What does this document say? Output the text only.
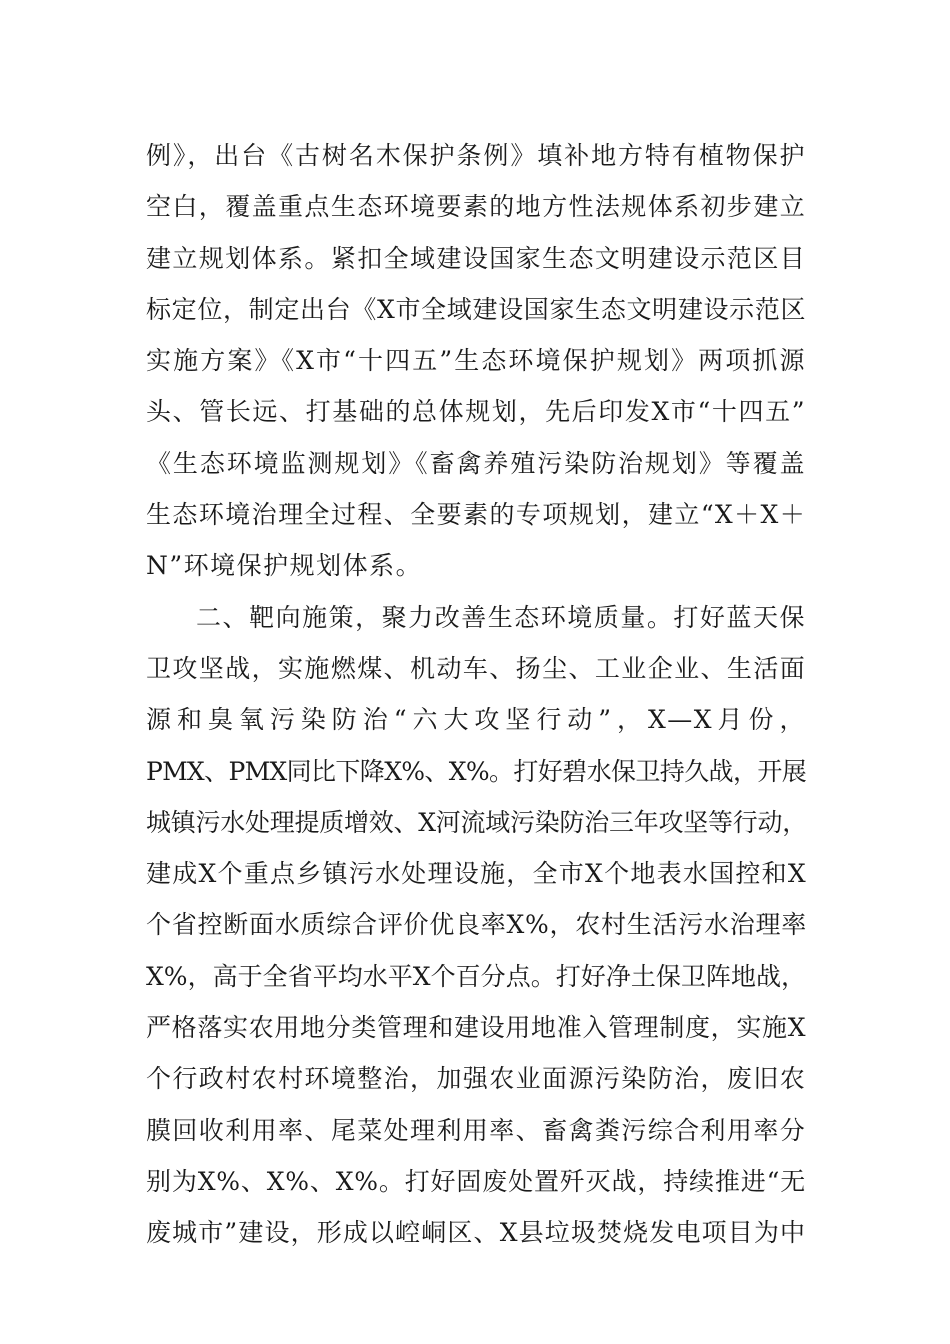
例》，出台《古树名木保护条例》填补地方特有植物保护
空白，覆盖重点生态环境要素的地方性法规体系初步建立
建立规划体系。紧扣全域建设国家生态文明建设示范区目
标定位，制定出台《X市全域建设国家生态文明建设示范区
实施方案》《X市“十四五”生态环境保护规划》两项抓源
头、管长远、打基础的总体规划，先后印发X市“十四五”
《生态环境监测规划》《畜禽养殖污染防治规划》等覆盖
生态环境治理全过程、全要素的专项规划，建立“X＋X＋
N”环境保护规划体系。
二、靶向施策，聚力改善生态环境质量。打好蓝天保
卫攻坚战，实施燃煤、机动车、扬尘、工业企业、生活面
源和臭氧污染防治“六大攻坚行动”，X—X月份，
PMX、PMX同比下降X%、X%。打好碧水保卫持久战，开展
城镇污水处理提质增效、X河流域污染防治三年攻坚等行动，
建成X个重点乡镇污水处理设施，全市X个地表水国控和X
个省控断面水质综合评价优良率X%，农村生活污水治理率
X%，高于全省平均水平X个百分点。打好净土保卫阵地战，
严格落实农用地分类管理和建设用地准入管理制度，实施X
个行政村农村环境整治，加强农业面源污染防治，废旧农
膜回收利用率、尾菜处理利用率、畜禽粪污综合利用率分
别为X%、X%、X%。打好固废处置歼灭战，持续推进“无
废城市”建设，形成以崆峒区、X县垃圾焚烧发电项目为中
